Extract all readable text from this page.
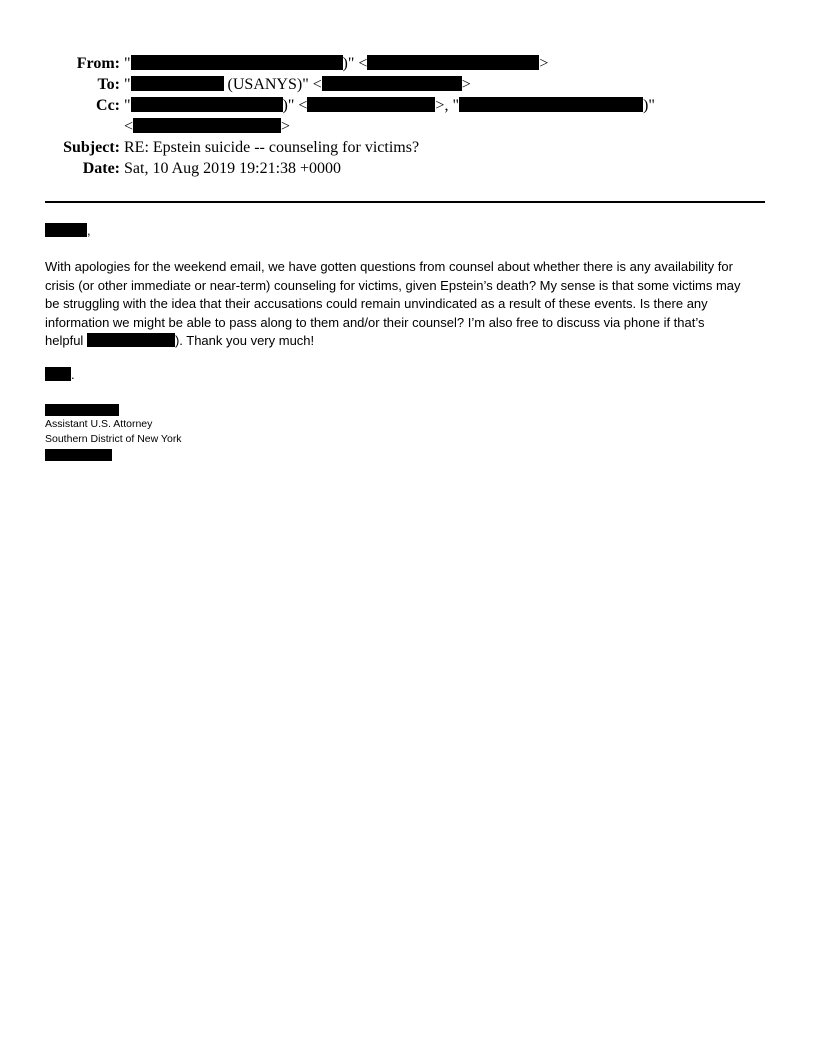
From: "	)" <	>
To: "	(USANYS)" <	>
Cc: "	)" <	>, "	)"
<	>
Subject: RE: Epstein suicide -- counseling for victims?
Date: Sat, 10 Aug 2019 19:21:38 +0000
,
With apologies for the weekend email, we have gotten questions from counsel about whether there is any availability for
crisis (or other immediate or near-term) counseling for victims, given Epstein’s death? My sense is that some victims may
be struggling with the idea that their accusations could remain unvindicated as a result of these events. Is there any
information we might be able to pass along to them and/or their counsel? I’m also free to discuss via phone if that’s
helpful	). Thank you very much!
.
Assistant U.S. Attorney
Southern District of New York
